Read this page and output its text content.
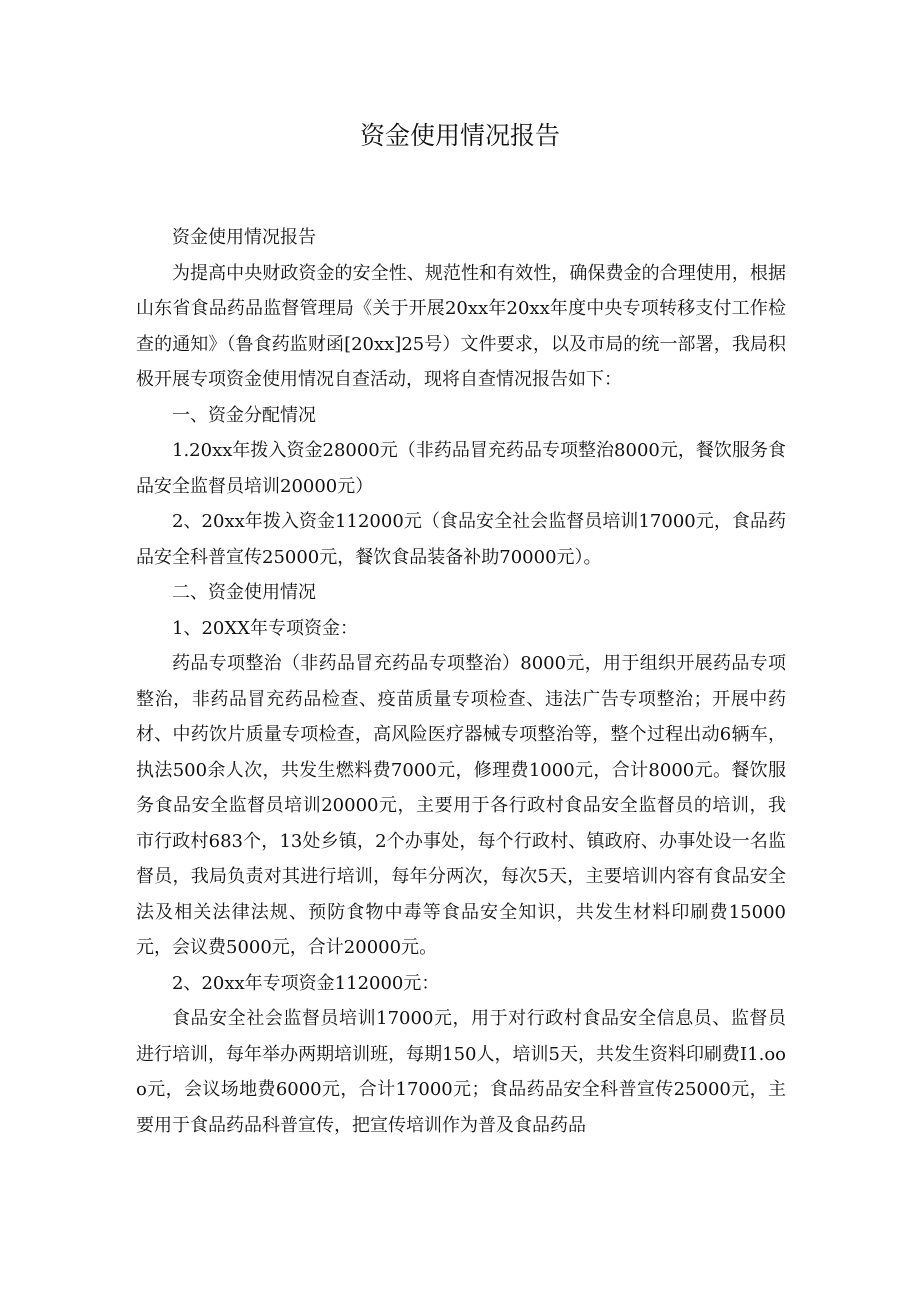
资金使用情况报告

资金使用情况报告

为提高中央财政资金的安全性、规范性和有效性，确保费金的合理使用，根据山东省食品药品监督管理局《关于开展20xx年20xx年度中央专项转移支付工作检查的通知》（鲁食药监财函[20xx]25号）文件要求，以及市局的统一部署，我局积极开展专项资金使用情况自查活动，现将自查情况报告如下：

一、资金分配情况

1.20xx年拨入资金28000元（非药品冒充药品专项整治8000元，餐饮服务食品安全监督员培训20000元）

2、20xx年拨入资金112000元（食品安全社会监督员培训17000元，食品药品安全科普宣传25000元，餐饮食品装备补助70000元）。

二、资金使用情况

1、20XX年专项资金：

药品专项整治（非药品冒充药品专项整治）8000元，用于组织开展药品专项整治，非药品冒充药品检查、疫苗质量专项检查、违法广告专项整治；开展中药材、中药饮片质量专项检查，高风险医疗器械专项整治等，整个过程出动6辆车，执法500余人次，共发生燃料费7000元，修理费1000元，合计8000元。餐饮服务食品安全监督员培训20000元，主要用于各行政村食品安全监督员的培训，我市行政村683个，13处乡镇，2个办事处，每个行政村、镇政府、办事处设一名监督员，我局负责对其进行培训，每年分两次，每次5天，主要培训内容有食品安全法及相关法律法规、预防食物中毒等食品安全知识，共发生材料印刷费15000元，会议费5000元，合计20000元。

2、20xx年专项资金112000元：

食品安全社会监督员培训17000元，用于对行政村食品安全信息员、监督员进行培训，每年举办两期培训班，每期150人，培训5天，共发生资料印刷费I1.ooo元，会议场地费6000元，合计17000元；食品药品安全科普宣传25000元，主要用于食品药品科普宣传，把宣传培训作为普及食品药品
